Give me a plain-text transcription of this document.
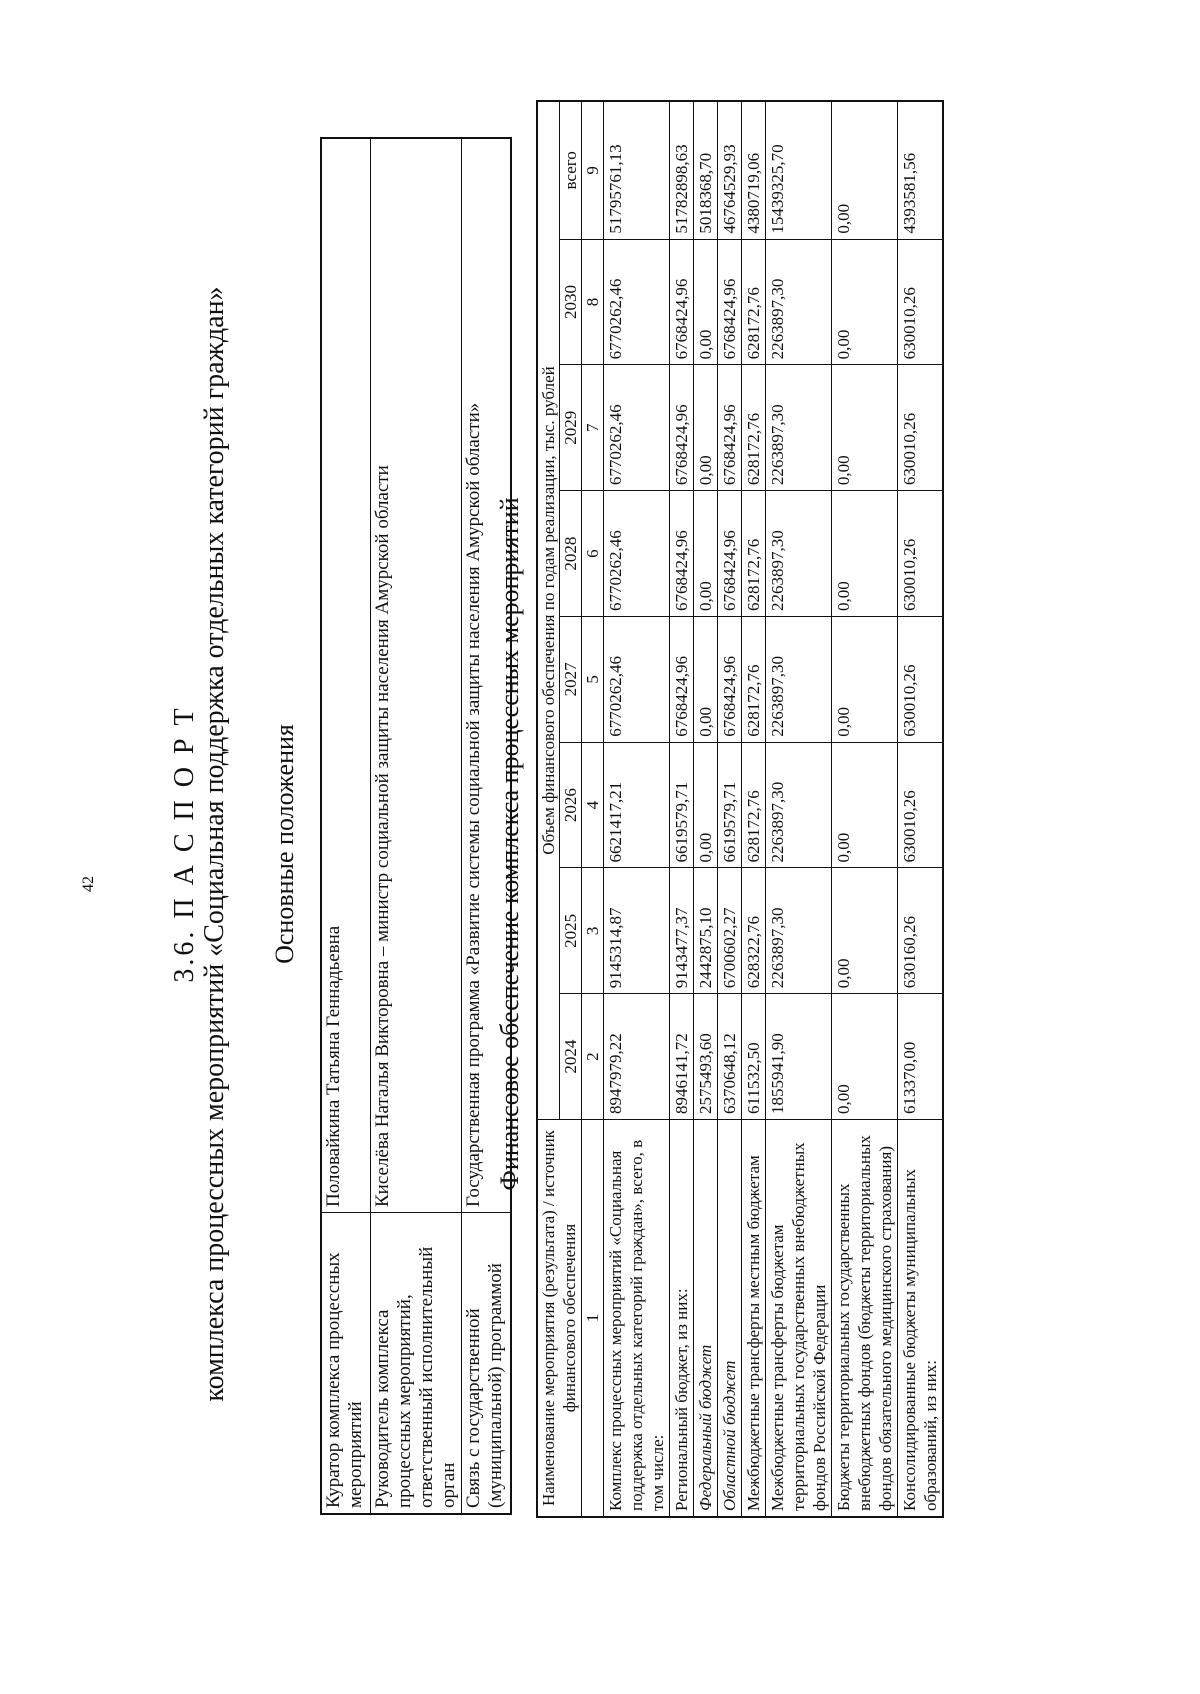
42	3.6. П А С П О Р Т комплекса процессных мероприятий «Социальная поддержка отдельных категорий граждан» Основные положения
Куратор комплекса процессных мероприятий	Половайкина Татьяна Геннадьевна
Руководитель комплекса процессных мероприятий, ответственный исполнительный орган	Киселёва Наталья Викторовна – министр социальной защиты населения Амурской области
Связь с государственной (муниципальной) программой	Государственная программа «Развитие системы социальной защиты населения Амурской области» Финансовое обеспечение комплекса процессных мероприятий
Наименование мероприятия (результата) / источник финансового обеспечения	Объем финансового обеспечения по годам реализации, тыс. рублей							
	2024	2025	2026	2027	2028	2029	2030	всего
1	2	3	4	5	6	7	8	9
Комплекс процессных мероприятий «Социальная поддержка отдельных категорий граждан», всего, в том числе:	8947979,22	9145314,87	6621417,21	6770262,46	6770262,46	6770262,46	6770262,46	51795761,13
Региональный бюджет, из них:	8946141,72	9143477,37	6619579,71	6768424,96	6768424,96	6768424,96	6768424,96	51782898,63
Федеральный бюджет	2575493,60	2442875,10	0,00	0,00	0,00	0,00	0,00	5018368,70
Областной бюджет	6370648,12	6700602,27	6619579,71	6768424,96	6768424,96	6768424,96	6768424,96	46764529,93
Межбюджетные трансферты местным бюджетам	611532,50	628322,76	628172,76	628172,76	628172,76	628172,76	628172,76	4380719,06
Межбюджетные трансферты бюджетам территориальных государственных внебюджетных фондов Российской Федерации	1855941,90	2263897,30	2263897,30	2263897,30	2263897,30	2263897,30	2263897,30	15439325,70
Бюджеты территориальных государственных внебюджетных фондов (бюджеты территориальных фондов обязательного медицинского страхования)	0,00	0,00	0,00	0,00	0,00	0,00	0,00	0,00
Консолидированные бюджеты муниципальных образований, из них:	613370,00	630160,26	630010,26	630010,26	630010,26	630010,26	630010,26	4393581,56
